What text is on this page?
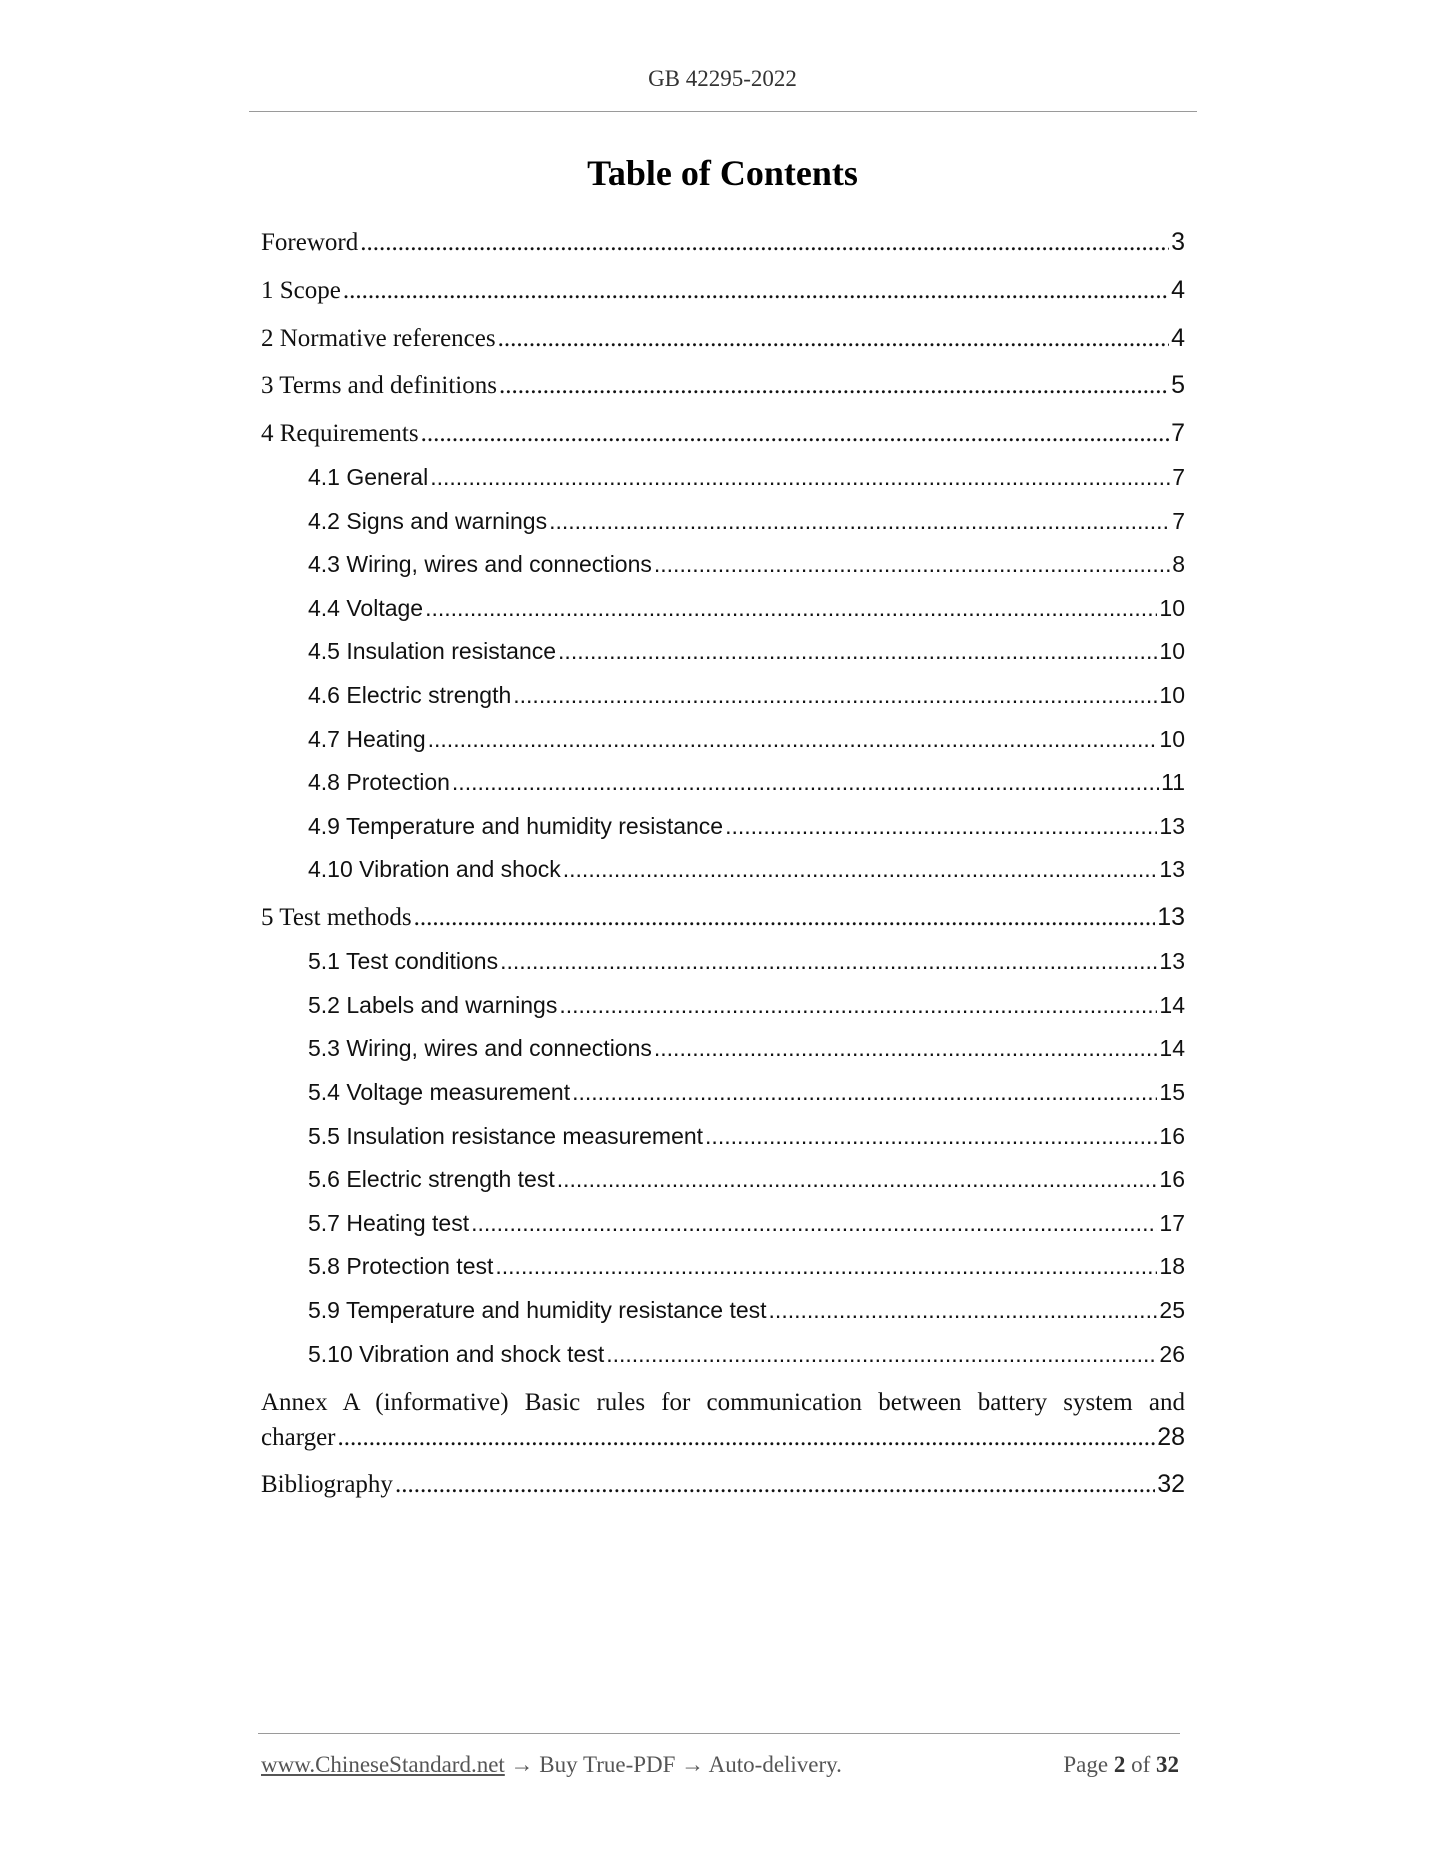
GB 42295-2022
Table of Contents
Foreword .....	3
1 Scope .....	4
2 Normative references .....	4
3 Terms and definitions .....	5
4 Requirements .....	7
4.1 General .....	7
4.2 Signs and warnings .....	7
4.3 Wiring, wires and connections .....	8
4.4 Voltage .....	10
4.5 Insulation resistance .....	10
4.6 Electric strength .....	10
4.7 Heating .....	10
4.8 Protection .....	11
4.9 Temperature and humidity resistance .....	13
4.10 Vibration and shock .....	13
5 Test methods .....	13
5.1 Test conditions .....	13
5.2 Labels and warnings .....	14
5.3 Wiring, wires and connections .....	14
5.4 Voltage measurement .....	15
5.5 Insulation resistance measurement .....	16
5.6 Electric strength test .....	16
5.7 Heating test .....	17
5.8 Protection test .....	18
5.9 Temperature and humidity resistance test .....	25
5.10 Vibration and shock test .....	26
Annex A (informative) Basic rules for communication between battery system and
charger .....	28
Bibliography .....	32
www.ChineseStandard.net → Buy True-PDF → Auto-delivery.	Page 2 of 32
